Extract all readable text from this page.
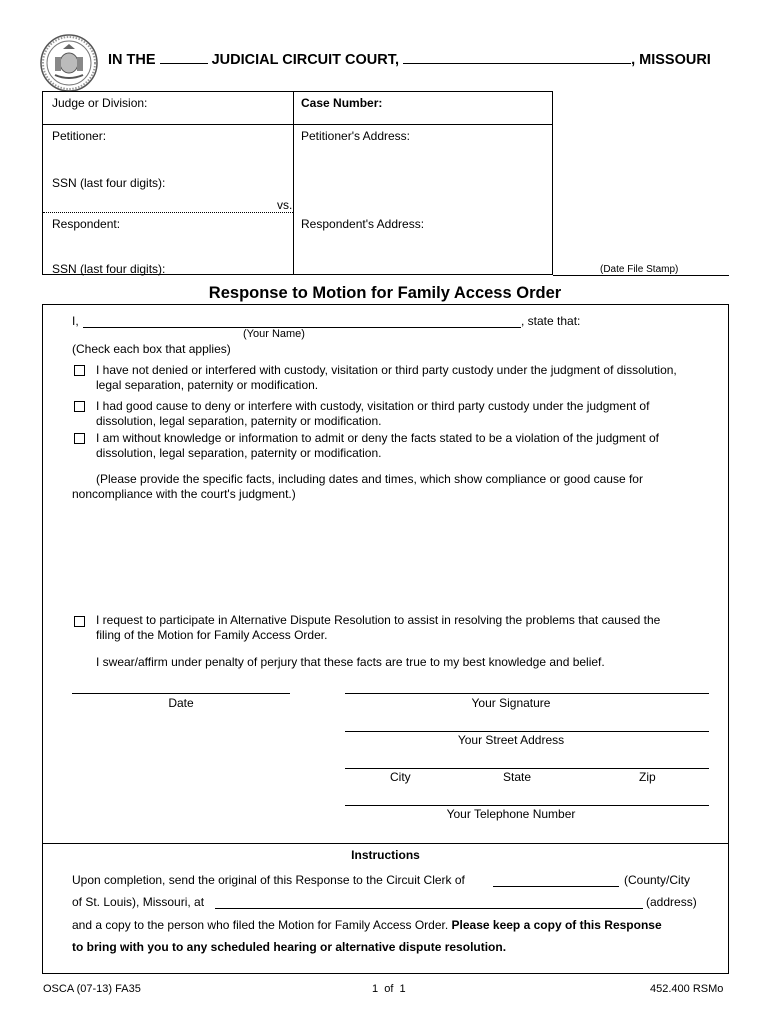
IN THE	JUDICIAL CIRCUIT COURT,	, MISSOURI
Judge or Division:	Case Number:
Petitioner:	Petitioner's Address:
SSN (last four digits):
vs.
Respondent:	Respondent's Address:
SSN (last four digits):	(Date File Stamp)
Response to Motion for Family Access Order
I,	, state that:
(Your Name)
(Check each box that applies)
I have not denied or interfered with custody, visitation or third party custody under the judgment of dissolution,
legal separation, paternity or modification.
I had good cause to deny or interfere with custody, visitation or third party custody under the judgment of
dissolution, legal separation, paternity or modification.
I am without knowledge or information to admit or deny the facts stated to be a violation of the judgment of
dissolution, legal separation, paternity or modification.
(Please provide the specific facts, including dates and times, which show compliance or good cause for
noncompliance with the court's judgment.)
I request to participate in Alternative Dispute Resolution to assist in resolving the problems that caused the
filing of the Motion for Family Access Order.
I swear/affirm under penalty of perjury that these facts are true to my best knowledge and belief.
Date	Your Signature
Your Street Address
City	State	Zip
Your Telephone Number
Instructions
Upon completion, send the original of this Response to the Circuit Clerk of	(County/City
of St. Louis), Missouri, at	(address)
and a copy to the person who filed the Motion for Family Access Order. Please keep a copy of this Response
to bring with you to any scheduled hearing or alternative dispute resolution.
OSCA (07-13) FA35	1  of  1	452.400 RSMo
